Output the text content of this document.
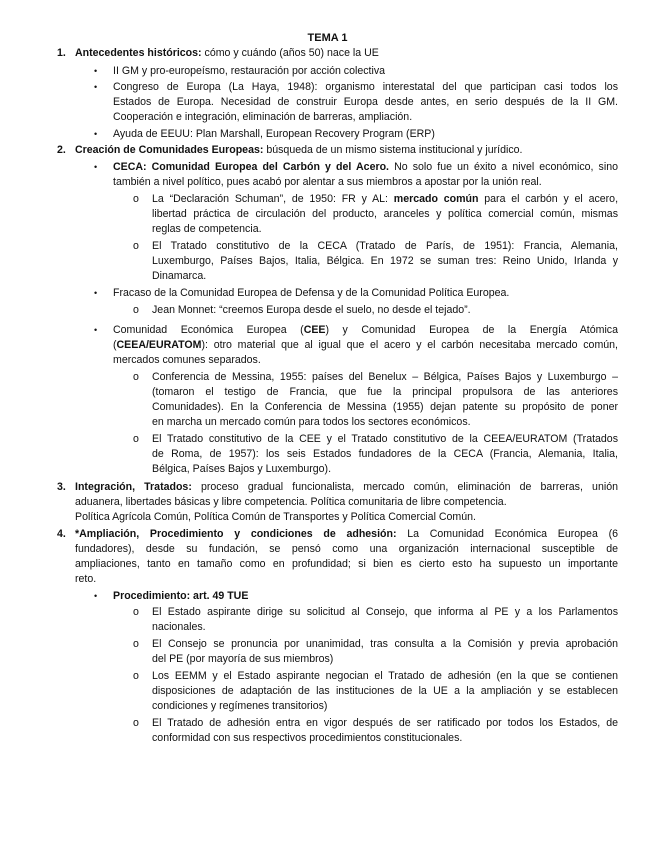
TEMA 1
1. Antecedentes históricos: cómo y cuándo (años 50) nace la UE
• II GM y pro-europeísmo, restauración por acción colectiva
• Congreso de Europa (La Haya, 1948): organismo interestatal del que participan casi todos los
Estados de Europa. Necesidad de construir Europa desde antes, en serio después de la II GM.
Cooperación e integración, eliminación de barreras, ampliación.
• Ayuda de EEUU: Plan Marshall, European Recovery Program (ERP)
2. Creación de Comunidades Europeas: búsqueda de un mismo sistema institucional y jurídico.
• CECA: Comunidad Europea del Carbón y del Acero. No solo fue un éxito a nivel económico, sino
también a nivel político, pues acabó por alentar a sus miembros a apostar por la unión real.
o La “Declaración Schuman”, de 1950: FR y AL: mercado común para el carbón y el acero,
libertad práctica de circulación del producto, aranceles y política comercial común, mismas
reglas de competencia.
o El Tratado constitutivo de la CECA (Tratado de París, de 1951): Francia, Alemania,
Luxemburgo, Países Bajos, Italia, Bélgica. En 1972 se suman tres: Reino Unido, Irlanda y
Dinamarca.
• Fracaso de la Comunidad Europea de Defensa y de la Comunidad Política Europea.
o Jean Monnet: “creemos Europa desde el suelo, no desde el tejado”.
• Comunidad Económica Europea (CEE) y Comunidad Europea de la Energía Atómica
(CEEA/EURATOM): otro material que al igual que el acero y el carbón necesitaba mercado común,
mercados comunes separados.
o Conferencia de Messina, 1955: países del Benelux – Bélgica, Países Bajos y Luxemburgo –
(tomaron el testigo de Francia, que fue la principal propulsora de las anteriores
Comunidades). En la Conferencia de Messina (1955) dejan patente su propósito de poner
en marcha un mercado común para todos los sectores económicos.
o El Tratado constitutivo de la CEE y el Tratado constitutivo de la CEEA/EURATOM (Tratados
de Roma, de 1957): los seis Estados fundadores de la CECA (Francia, Alemania, Italia,
Bélgica, Países Bajos y Luxemburgo).
3. Integración, Tratados: proceso gradual funcionalista, mercado común, eliminación de barreras, unión
aduanera, libertades básicas y libre competencia. Política comunitaria de libre competencia.
Política Agrícola Común, Política Común de Transportes y Política Comercial Común.
4. *Ampliación, Procedimiento y condiciones de adhesión: La Comunidad Económica Europea (6
fundadores), desde su fundación, se pensó como una organización internacional susceptible de
ampliaciones, tanto en tamaño como en profundidad; si bien es cierto esto ha supuesto un importante
reto.
• Procedimiento: art. 49 TUE
o El Estado aspirante dirige su solicitud al Consejo, que informa al PE y a los Parlamentos
nacionales.
o El Consejo se pronuncia por unanimidad, tras consulta a la Comisión y previa aprobación
del PE (por mayoría de sus miembros)
o Los EEMM y el Estado aspirante negocian el Tratado de adhesión (en la que se contienen
disposiciones de adaptación de las instituciones de la UE a la ampliación y se establecen
condiciones y regímenes transitorios)
o El Tratado de adhesión entra en vigor después de ser ratificado por todos los Estados, de
conformidad con sus respectivos procedimientos constitucionales.
